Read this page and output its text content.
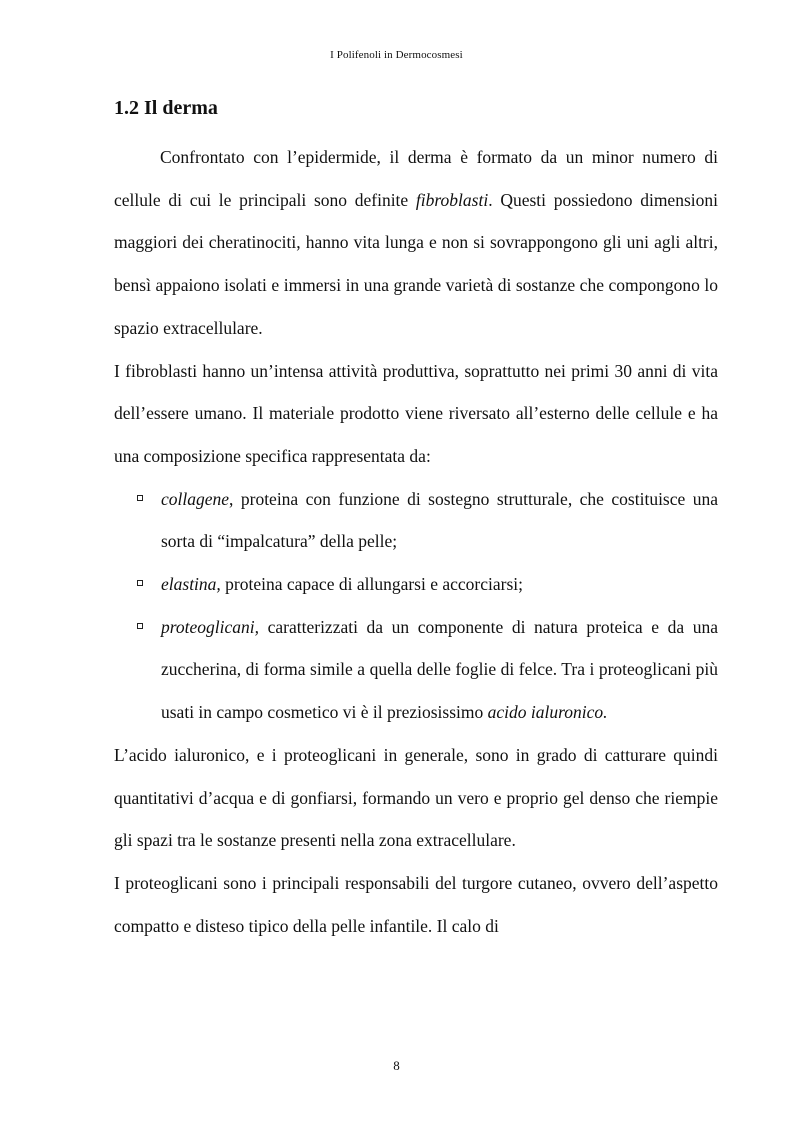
I Polifenoli in Dermocosmesi
1.2 Il derma

Confrontato con l’epidermide, il derma è formato da un minor numero di cellule di cui le principali sono definite fibroblasti. Questi possiedono dimensioni maggiori dei cheratinociti, hanno vita lunga e non si sovrappongono gli uni agli altri, bensì appaiono isolati e immersi in una grande varietà di sostanze che compongono lo spazio extracellulare.

I fibroblasti hanno un’intensa attività produttiva, soprattutto nei primi 30 anni di vita dell’essere umano. Il materiale prodotto viene riversato all’esterno delle cellule e ha una composizione specifica rappresentata da:

collagene, proteina con funzione di sostegno strutturale, che costituisce una sorta di “impalcatura” della pelle;
elastina, proteina capace di allungarsi e accorciarsi;
proteoglicani, caratterizzati da un componente di natura proteica e da una zuccherina, di forma simile a quella delle foglie di felce. Tra i proteoglicani più usati in campo cosmetico vi è il preziosissimo acido ialuronico.

L’acido ialuronico, e i proteoglicani in generale, sono in grado di catturare quindi quantitativi d’acqua e di gonfiarsi, formando un vero e proprio gel denso che riempie gli spazi tra le sostanze presenti nella zona extracellulare.

I proteoglicani sono i principali responsabili del turgore cutaneo, ovvero dell’aspetto compatto e disteso tipico della pelle infantile. Il calo di

8
